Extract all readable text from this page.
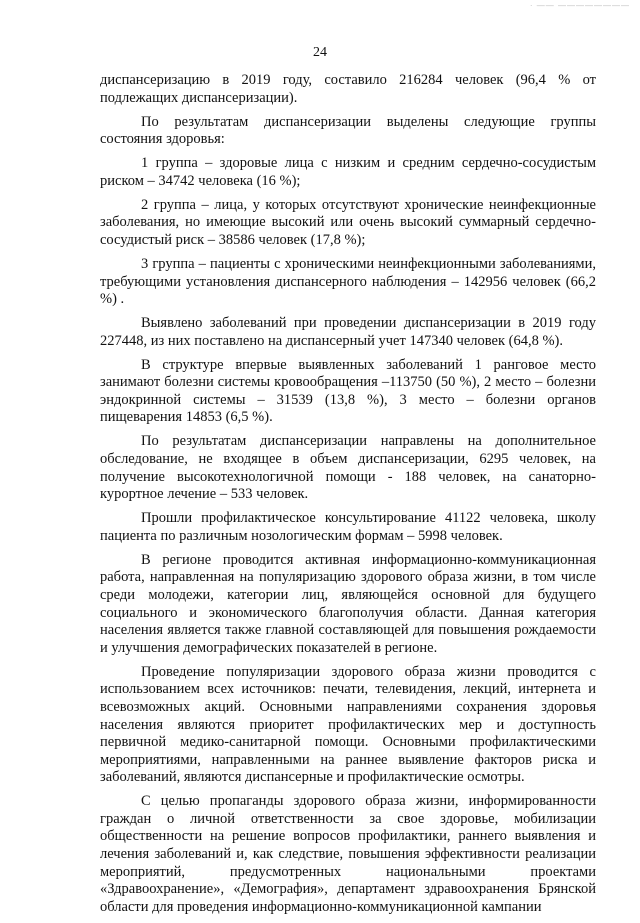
· ―― ――――――――
24

диспансеризацию в 2019 году, составило 216284 человек (96,4 % от подлежащих диспансеризации).

По результатам диспансеризации выделены следующие группы состояния здоровья:

1 группа – здоровые лица с низким и средним сердечно-сосудистым риском – 34742 человека (16 %);

2 группа – лица, у которых отсутствуют хронические неинфекционные заболевания, но имеющие высокий или очень высокий суммарный сердечно-сосудистый риск – 38586 человек (17,8 %);

3 группа – пациенты с хроническими неинфекционными заболеваниями, требующими установления диспансерного наблюдения – 142956 человек (66,2 %) .

Выявлено заболеваний при проведении диспансеризации в 2019 году 227448, из них поставлено на диспансерный учет 147340 человек (64,8 %).

В структуре впервые выявленных заболеваний 1 ранговое место занимают болезни системы кровообращения –113750 (50 %), 2 место – болезни эндокринной системы – 31539 (13,8 %), 3 место – болезни органов пищеварения 14853 (6,5 %).

По результатам диспансеризации направлены на дополнительное обследование, не входящее в объем диспансеризации, 6295 человек, на получение высокотехнологичной помощи - 188 человек, на санаторно-курортное лечение – 533 человек.

Прошли профилактическое консультирование 41122 человека, школу пациента по различным нозологическим формам – 5998 человек.

В регионе проводится активная информационно-коммуникационная работа, направленная на популяризацию здорового образа жизни, в том числе среди молодежи, категории лиц, являющейся основной для будущего социального и экономического благополучия области. Данная категория населения является также главной составляющей для повышения рождаемости и улучшения демографических показателей в регионе.

Проведение популяризации здорового образа жизни проводится с использованием всех источников: печати, телевидения, лекций, интернета и всевозможных акций. Основными направлениями сохранения здоровья населения являются приоритет профилактических мер и доступность первичной медико-санитарной помощи. Основными профилактическими мероприятиями, направленными на раннее выявление факторов риска и заболеваний, являются диспансерные и профилактические осмотры.

С целью пропаганды здорового образа жизни, информированности граждан о личной ответственности за свое здоровье, мобилизации общественности на решение вопросов профилактики, раннего выявления и лечения заболеваний и, как следствие, повышения эффективности реализации мероприятий, предусмотренных национальными проектами «Здравоохранение», «Демография», департамент здравоохранения Брянской области для проведения информационно-коммуникационной кампании
